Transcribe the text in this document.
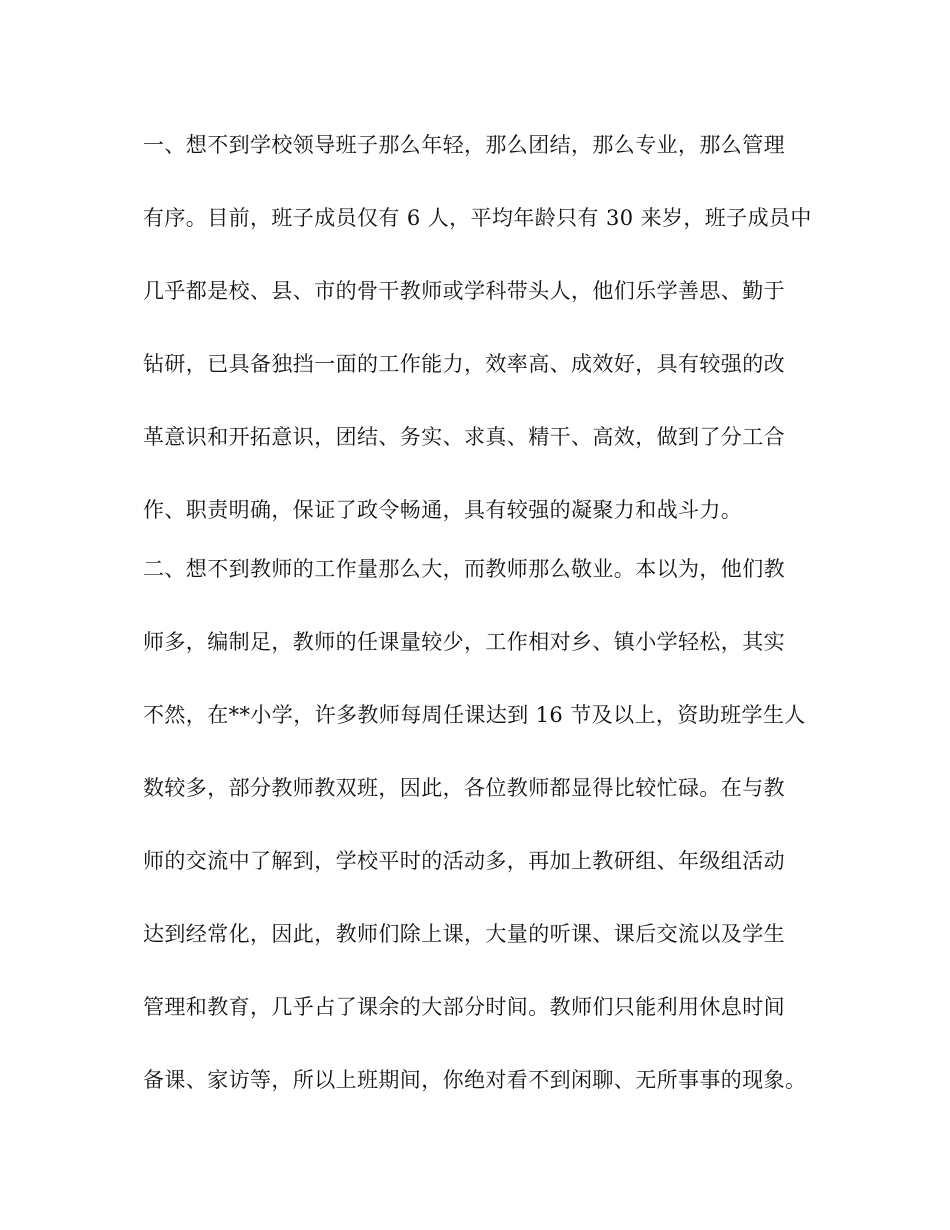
一、想不到学校领导班子那么年轻，那么团结，那么专业，那么管理
有序。目前，班子成员仅有 6 人，平均年龄只有 30 来岁，班子成员中
几乎都是校、县、市的骨干教师或学科带头人，他们乐学善思、勤于
钻研，已具备独挡一面的工作能力，效率高、成效好，具有较强的改
革意识和开拓意识，团结、务实、求真、精干、高效，做到了分工合
作、职责明确，保证了政令畅通，具有较强的凝聚力和战斗力。
二、想不到教师的工作量那么大，而教师那么敬业。本以为，他们教
师多，编制足，教师的任课量较少，工作相对乡、镇小学轻松，其实
不然，在**小学，许多教师每周任课达到 16 节及以上，资助班学生人
数较多，部分教师教双班，因此，各位教师都显得比较忙碌。在与教
师的交流中了解到，学校平时的活动多，再加上教研组、年级组活动
达到经常化，因此，教师们除上课，大量的听课、课后交流以及学生
管理和教育，几乎占了课余的大部分时间。教师们只能利用休息时间
备课、家访等，所以上班期间，你绝对看不到闲聊、无所事事的现象。
